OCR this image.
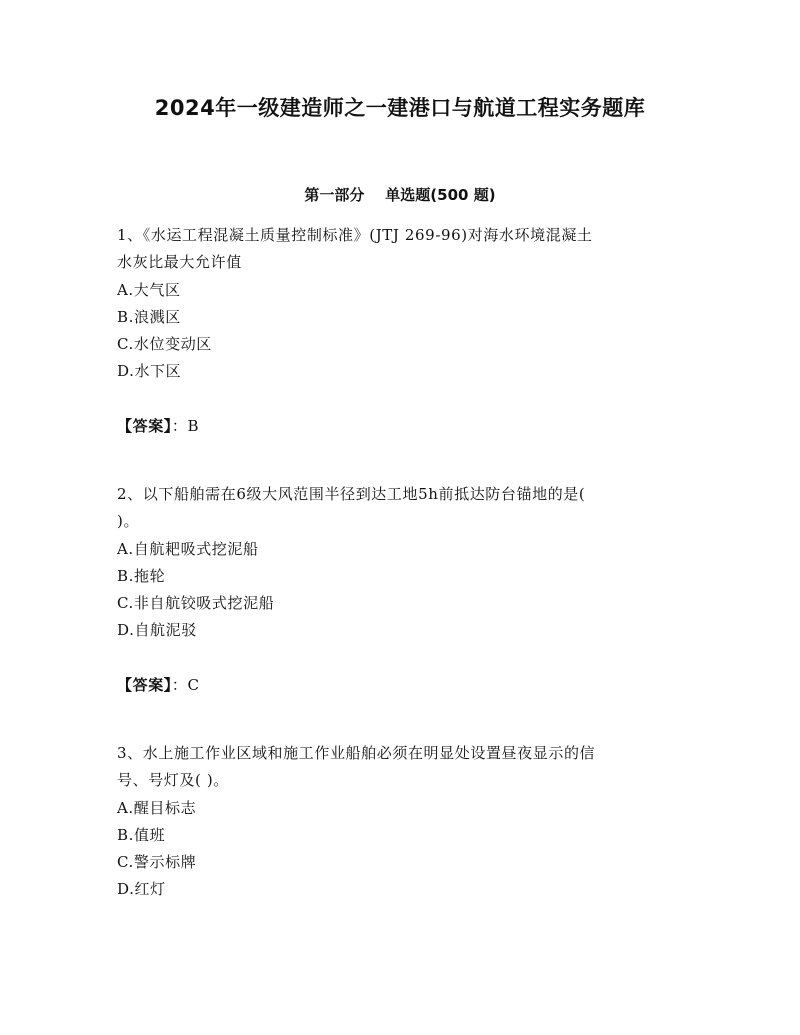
2024年一级建造师之一建港口与航道工程实务题库
第一部分    单选题(500 题)
1、《水运工程混凝土质量控制标准》(JTJ 269-96)对海水环境混凝土
水灰比最大允许值
A.大气区
B.浪溅区
C.水位变动区
D.水下区
【答案】：B
2、以下船舶需在6级大风范围半径到达工地5h前抵达防台锚地的是(
)。
A.自航耙吸式挖泥船
B.拖轮
C.非自航铰吸式挖泥船
D.自航泥驳
【答案】：C
3、水上施工作业区域和施工作业船舶必须在明显处设置昼夜显示的信
号、号灯及( )。
A.醒目标志
B.值班
C.警示标牌
D.红灯
